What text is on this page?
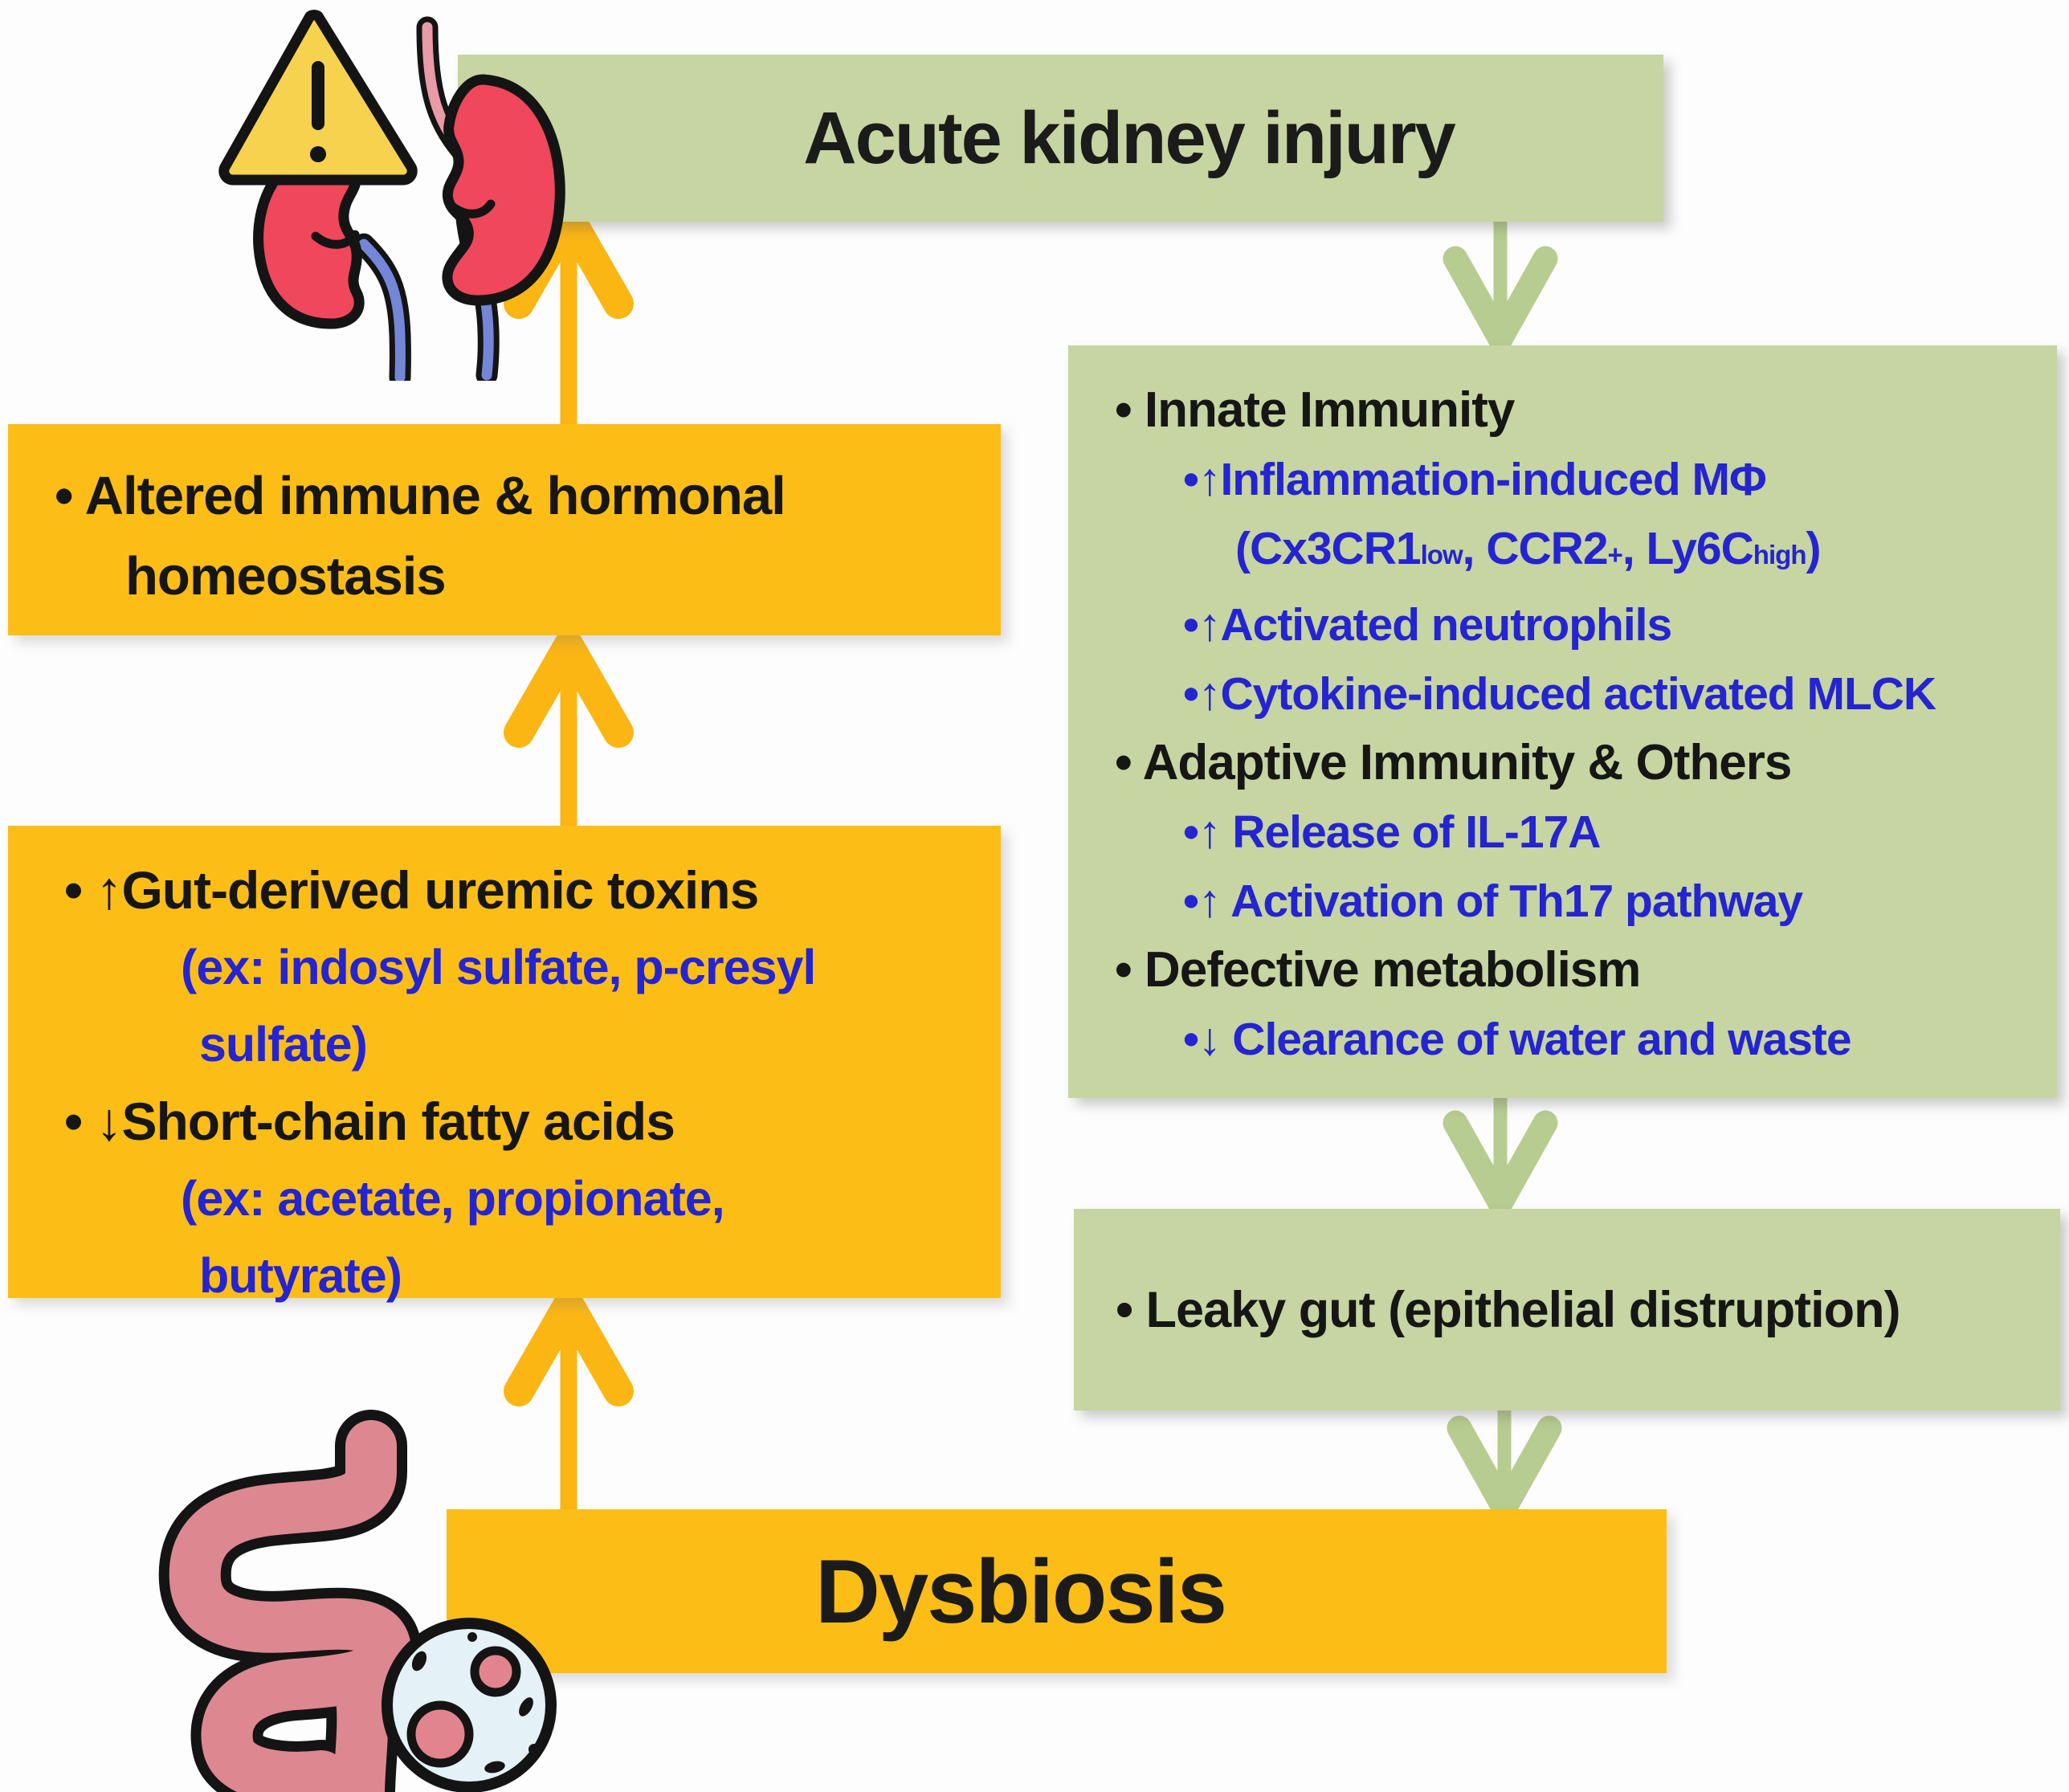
Acute kidney injury
• Innate Immunity
•↑Inflammation-induced MΦ
(Cx3CR1low, CCR2+, Ly6Chigh)
•↑Activated neutrophils
•↑Cytokine-induced activated MLCK
• Adaptive Immunity & Others
•↑ Release of IL-17A
•↑ Activation of Th17 pathway
• Defective metabolism
•↓ Clearance of water and waste
• Altered immune & hormonal
homeostasis
• ↑Gut-derived uremic toxins
(ex: indosyl sulfate, p-cresyl
sulfate)
• ↓Short-chain fatty acids
(ex: acetate, propionate,
butyrate)
• Leaky gut (epithelial distruption)
Dysbiosis
